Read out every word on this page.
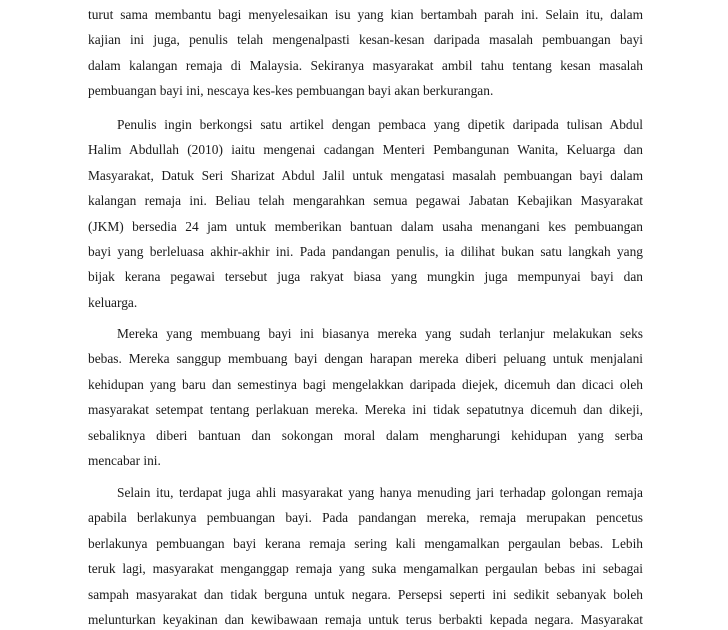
turut sama membantu bagi menyelesaikan isu yang kian bertambah parah ini. Selain itu, dalam
kajian ini juga, penulis telah mengenalpasti kesan-kesan daripada masalah pembuangan bayi
dalam kalangan remaja di Malaysia. Sekiranya masyarakat ambil tahu tentang kesan masalah
pembuangan bayi ini, nescaya kes-kes pembuangan bayi akan berkurangan.
Penulis ingin berkongsi satu artikel dengan pembaca yang dipetik daripada tulisan Abdul
Halim Abdullah (2010) iaitu mengenai cadangan Menteri Pembangunan Wanita, Keluarga dan
Masyarakat, Datuk Seri Sharizat Abdul Jalil untuk mengatasi masalah pembuangan bayi dalam
kalangan remaja ini. Beliau telah mengarahkan semua pegawai Jabatan Kebajikan Masyarakat
(JKM) bersedia 24 jam untuk memberikan bantuan dalam usaha menangani kes pembuangan
bayi yang berleluasa akhir-akhir ini. Pada pandangan penulis, ia dilihat bukan satu langkah yang
bijak kerana pegawai tersebut juga rakyat biasa yang mungkin juga mempunyai bayi dan
keluarga.
Mereka yang membuang bayi ini biasanya mereka yang sudah terlanjur melakukan seks
bebas. Mereka sanggup membuang bayi dengan harapan mereka diberi peluang untuk menjalani
kehidupan yang baru dan semestinya bagi mengelakkan daripada diejek, dicemuh dan dicaci oleh
masyarakat setempat tentang perlakuan mereka. Mereka ini tidak sepatutnya dicemuh dan dikeji,
sebaliknya diberi bantuan dan sokongan moral dalam mengharungi kehidupan yang serba
mencabar ini.
Selain itu, terdapat juga ahli masyarakat yang hanya menuding jari terhadap golongan remaja
apabila berlakunya pembuangan bayi. Pada pandangan mereka, remaja merupakan pencetus
berlakunya pembuangan bayi kerana remaja sering kali mengamalkan pergaulan bebas. Lebih
teruk lagi, masyarakat menganggap remaja yang suka mengamalkan pergaulan bebas ini sebagai
sampah masyarakat dan tidak berguna untuk negara. Persepsi seperti ini sedikit sebanyak boleh
melunturkan keyakinan dan kewibawaan remaja untuk terus berbakti kepada negara. Masyarakat
